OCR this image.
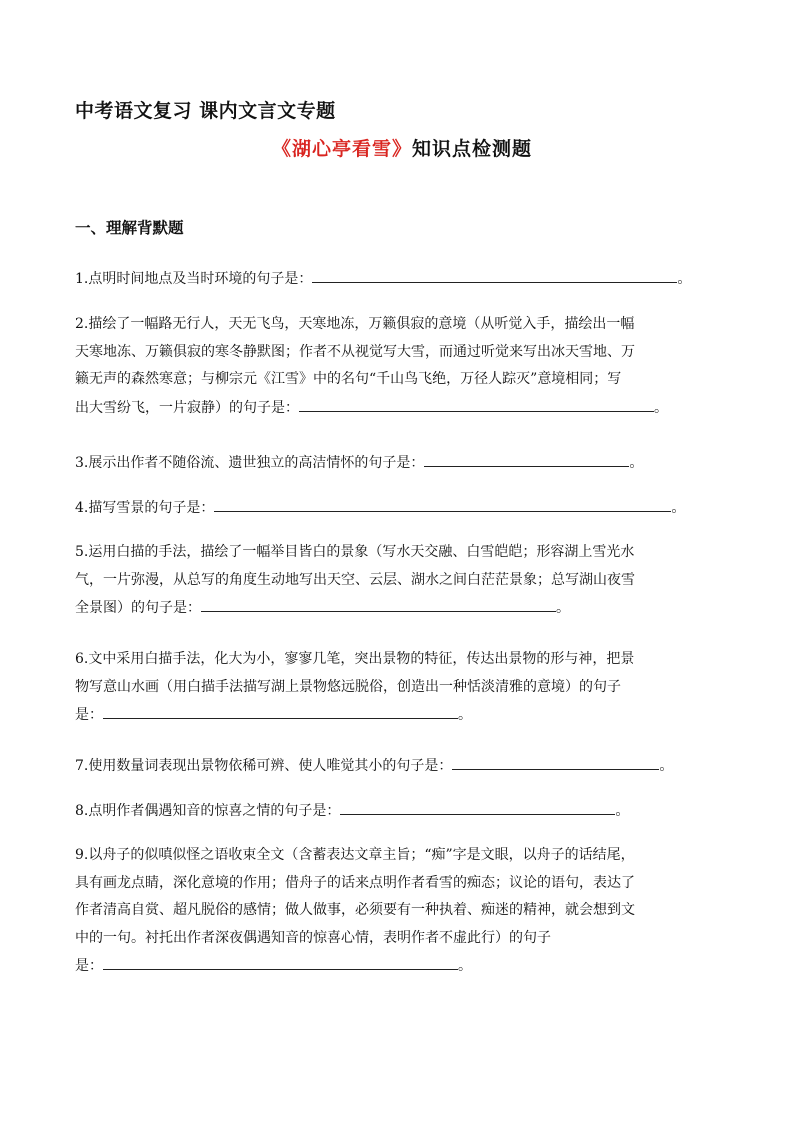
中考语文复习 课内文言文专题
《湖心亭看雪》知识点检测题
一、理解背默题
1.点明时间地点及当时环境的句子是：	。
2.描绘了一幅路无行人，天无飞鸟，天寒地冻，万籁俱寂的意境（从听觉入手，描绘出一幅
天寒地冻、万籁俱寂的寒冬静默图；作者不从视觉写大雪，而通过听觉来写出冰天雪地、万
籁无声的森然寒意；与柳宗元《江雪》中的名句“千山鸟飞绝，万径人踪灭”意境相同；写
出大雪纷飞，一片寂静）的句子是：	。
3.展示出作者不随俗流、遗世独立的高洁情怀的句子是：	。
4.描写雪景的句子是：	。
5.运用白描的手法，描绘了一幅举目皆白的景象（写水天交融、白雪皑皑；形容湖上雪光水
气，一片弥漫，从总写的角度生动地写出天空、云层、湖水之间白茫茫景象；总写湖山夜雪
全景图）的句子是：	。
6.文中采用白描手法，化大为小，寥寥几笔，突出景物的特征，传达出景物的形与神，把景
物写意山水画（用白描手法描写湖上景物悠远脱俗，创造出一种恬淡清雅的意境）的句子
是：	。
7.使用数量词表现出景物依稀可辨、使人唯觉其小的句子是：	。
8.点明作者偶遇知音的惊喜之情的句子是：	。
9.以舟子的似嗔似怪之语收束全文（含蓄表达文章主旨；“痴”字是文眼，以舟子的话结尾，
具有画龙点睛，深化意境的作用；借舟子的话来点明作者看雪的痴态；议论的语句，表达了
作者清高自赏、超凡脱俗的感情；做人做事，必须要有一种执着、痴迷的精神，就会想到文
中的一句。衬托出作者深夜偶遇知音的惊喜心情，表明作者不虚此行）的句子
是：	。
